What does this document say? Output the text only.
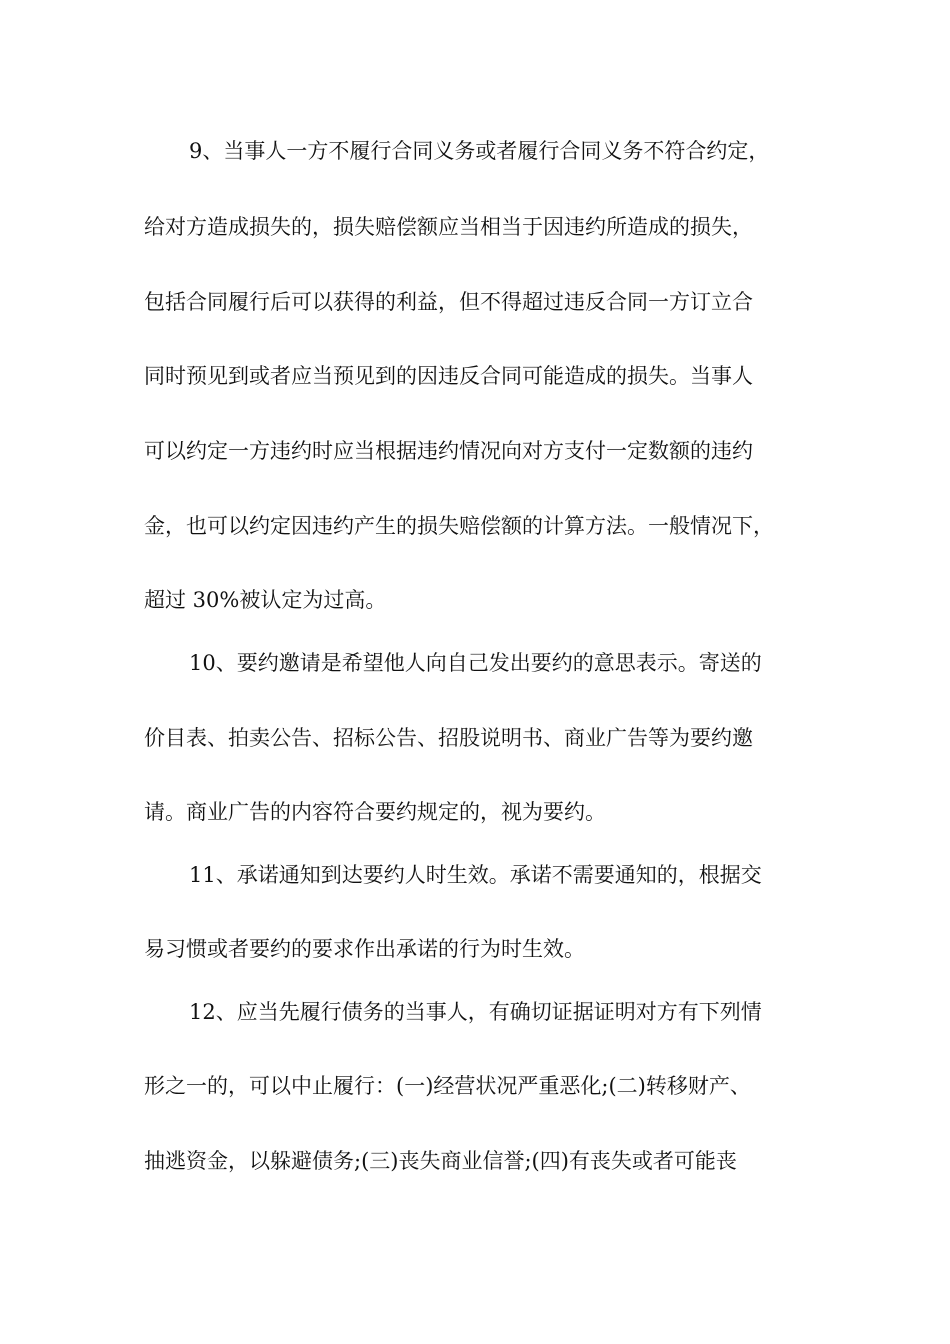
9、当事人一方不履行合同义务或者履行合同义务不符合约定，
给对方造成损失的，损失赔偿额应当相当于因违约所造成的损失，
包括合同履行后可以获得的利益，但不得超过违反合同一方订立合
同时预见到或者应当预见到的因违反合同可能造成的损失。当事人
可以约定一方违约时应当根据违约情况向对方支付一定数额的违约
金，也可以约定因违约产生的损失赔偿额的计算方法。一般情况下，
超过 30%被认定为过高。
10、要约邀请是希望他人向自己发出要约的意思表示。寄送的
价目表、拍卖公告、招标公告、招股说明书、商业广告等为要约邀
请。商业广告的内容符合要约规定的，视为要约。
11、承诺通知到达要约人时生效。承诺不需要通知的，根据交
易习惯或者要约的要求作出承诺的行为时生效。
12、应当先履行债务的当事人，有确切证据证明对方有下列情
形之一的，可以中止履行：(一)经营状况严重恶化;(二)转移财产、
抽逃资金，以躲避债务;(三)丧失商业信誉;(四)有丧失或者可能丧
